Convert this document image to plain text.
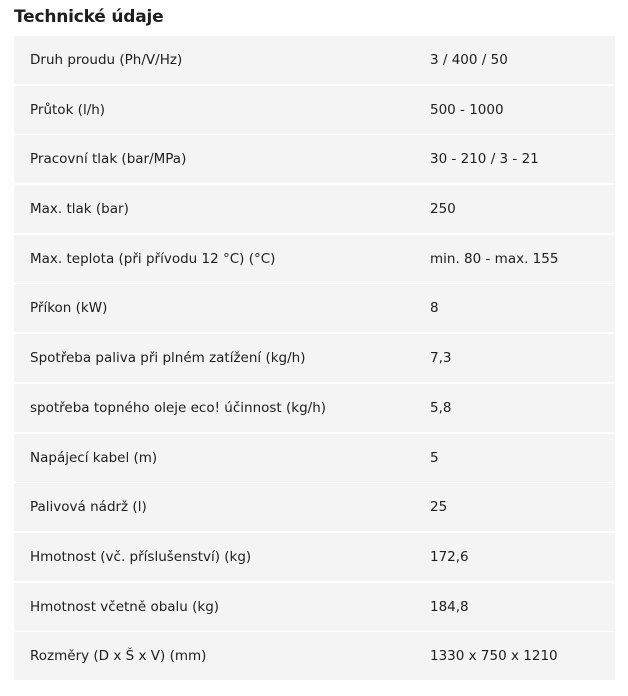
Technické údaje
Druh proudu (Ph/V/Hz)	3 / 400 / 50
Průtok (l/h)	500 - 1000
Pracovní tlak (bar/MPa)	30 - 210 / 3 - 21
Max. tlak (bar)	250
Max. teplota (při přívodu 12 °C) (°C)	min. 80 - max. 155
Příkon (kW)	8
Spotřeba paliva při plném zatížení (kg/h)	7,3
spotřeba topného oleje eco! účinnost (kg/h)	5,8
Napájecí kabel (m)	5
Palivová nádrž (l)	25
Hmotnost (vč. příslušenství) (kg)	172,6
Hmotnost včetně obalu (kg)	184,8
Rozměry (D x Š x V) (mm)	1330 x 750 x 1210
